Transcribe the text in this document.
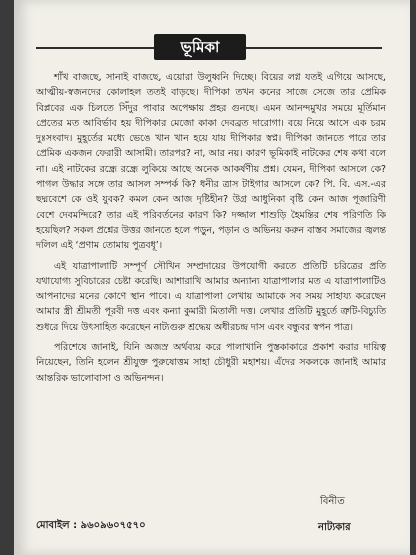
ভূমিকা

শাঁখ বাজছে, সানাই বাজছে, এয়োরা উলুধ্বনি দিচ্ছে। বিয়ের লগ্ন যতই এগিয়ে আসছে, আত্মীয়-স্বজনদের কোলাহল ততই বাড়ছে। দীপিকা তখন কনের সাজে সেজে তার প্রেমিক বিপ্লবের এক চিলতে সিঁদুর পাবার অপেক্ষায় প্রহর গুনছে। এমন আনন্দমুখর সময়ে মূর্তিমান প্রেতের মত আবির্ভাব হয় দীপিকার মেজো কাকা দেবব্রত দারোগা। বয়ে নিয়ে আসে এক চরম দুঃসংবাদ। মুহূর্তের মধ্যে ভেঙে খান খান হয়ে যায় দীপিকার স্বপ্ন। দীপিকা জানতে পারে তার প্রেমিক একজন ফেরারী আসামী। তারপর? না, আর নয়। কারণ ভূমিকাই নাটকের শেষ কথা বলে না। এই নাটকের রন্ধ্রে রন্ধ্রে লুকিয়ে আছে অনেক আকর্ষণীয় প্রশ্ন। যেমন, দীপিকা আসলে কে? পাগল উদ্ধার সঙ্গে তার আসল সম্পর্ক কি? ধনীর ত্রাস টাইগার আসলে কে? পি. বি. এস.-এর ছদ্মবেশে কে ওই যুবক? কমল কেন আজ দৃষ্টিহীন? উগ্র আধুনিকা বৃষ্টি কেন আজ পূজারিণী বেশে দেবমন্দিরে? তার এই পরিবর্তনের কারণ কি? দজ্জাল শাশুড়ি হৈমন্তির শেষ পরিণতি কি হয়েছিল? সকল প্রশ্নের উত্তর জানতে হলে পড়ুন, পড়ান ও অভিনয় করুন বাস্তব সমাজের জ্বলন্ত দলিল এই ‘প্রণাম তোমায় পুত্রবধূ’।

এই যাত্রাপালাটি সম্পূর্ণ সৌখিন সম্প্রদায়ের উপযোগী করতে প্রতিটি চরিত্রের প্রতি যথাযোগ্য সুবিচারের চেষ্টা করেছি। আশারাখি আমার অন্যান্য যাত্রাপালার মত এ যাত্রাপালাটিও আপনাদের মনের কোণে স্থান পাবে। এ যাত্রাপালা লেখায় আমাকে সব সময় সাহায্য করেছেন আমার স্ত্রী শ্রীমতী পূরবী দত্ত এবং কন্যা কুমারী মিতালী দত্ত। লেখার প্রতিটি মুহূর্তে ত্রুটি-বিচ্যুতি শুধরে দিয়ে উৎসাহিত করেছেন নাট্যগুরু শ্রদ্ধেয় অধীরচন্দ্র দাস এবং বন্ধুবর স্বপন পাত্র।

পরিশেষে জানাই, যিনি অজস্র অর্থব্যয় করে পালাখানি পুস্তকাকারে প্রকাশ করার দায়িত্ব নিয়েছেন, তিনি হলেন শ্রীযুক্ত পুরুষোত্তম সাহা চৌধুরী মহাশয়। এঁদের সকলকে জানাই আমার আন্তরিক ভালোবাসা ও অভিনন্দন।

বিনীত
মোবাইল : ৯৬০৯৬০৭৫৭০	নাট্যকার
